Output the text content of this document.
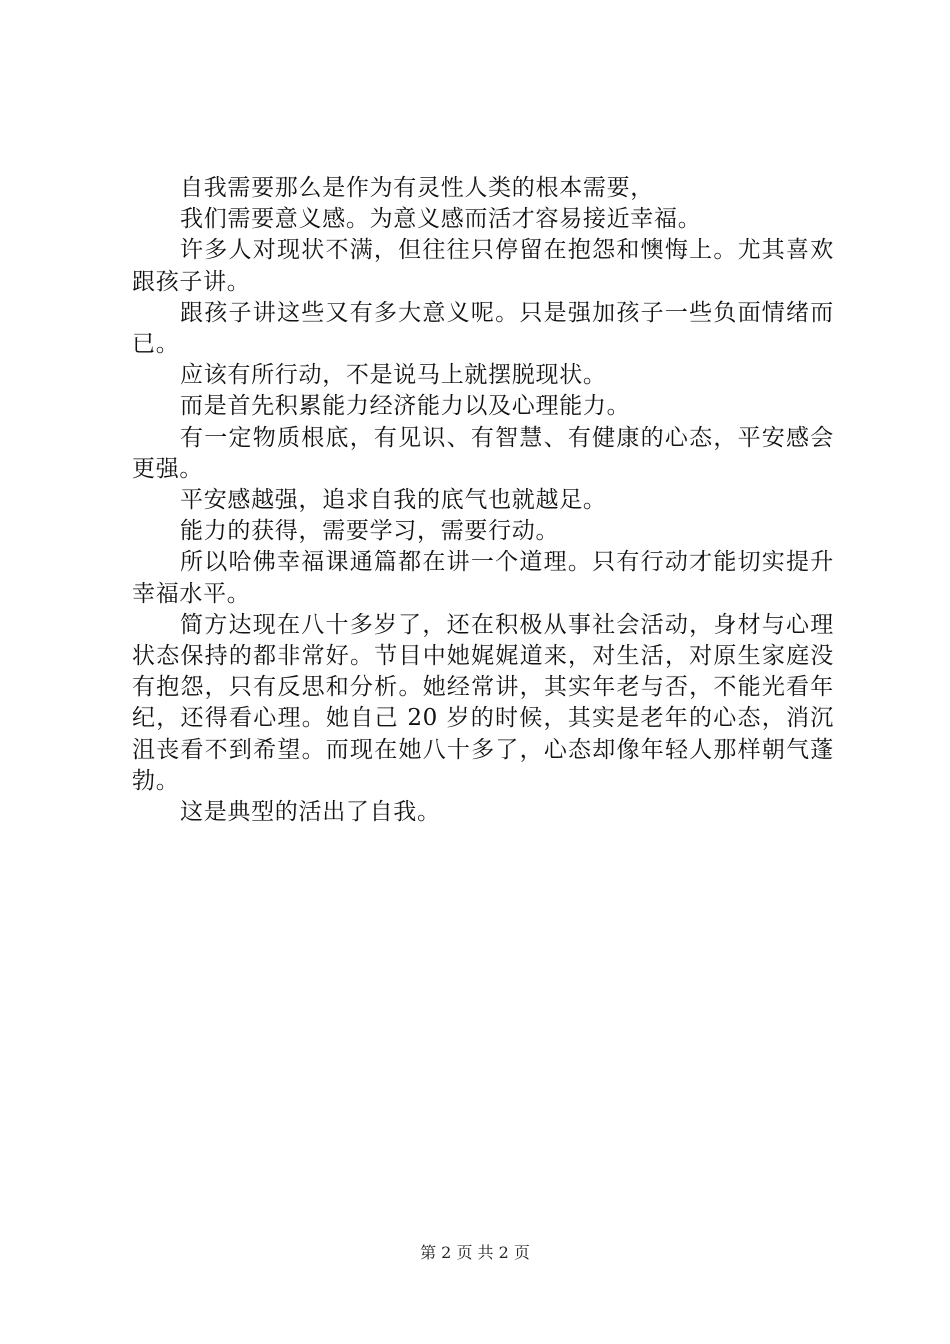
自我需要那么是作为有灵性人类的根本需要，

我们需要意义感。为意义感而活才容易接近幸福。

许多人对现状不满，但往往只停留在抱怨和懊悔上。尤其喜欢跟孩子讲。

跟孩子讲这些又有多大意义呢。只是强加孩子一些负面情绪而已。

应该有所行动，不是说马上就摆脱现状。

而是首先积累能力经济能力以及心理能力。

有一定物质根底，有见识、有智慧、有健康的心态，平安感会更强。

平安感越强，追求自我的底气也就越足。

能力的获得，需要学习，需要行动。

所以哈佛幸福课通篇都在讲一个道理。只有行动才能切实提升幸福水平。

简方达现在八十多岁了，还在积极从事社会活动，身材与心理状态保持的都非常好。节目中她娓娓道来，对生活，对原生家庭没有抱怨，只有反思和分析。她经常讲，其实年老与否，不能光看年纪，还得看心理。她自己 20 岁的时候，其实是老年的心态，消沉沮丧看不到希望。而现在她八十多了，心态却像年轻人那样朝气蓬勃。

这是典型的活出了自我。

第 2 页 共 2 页
